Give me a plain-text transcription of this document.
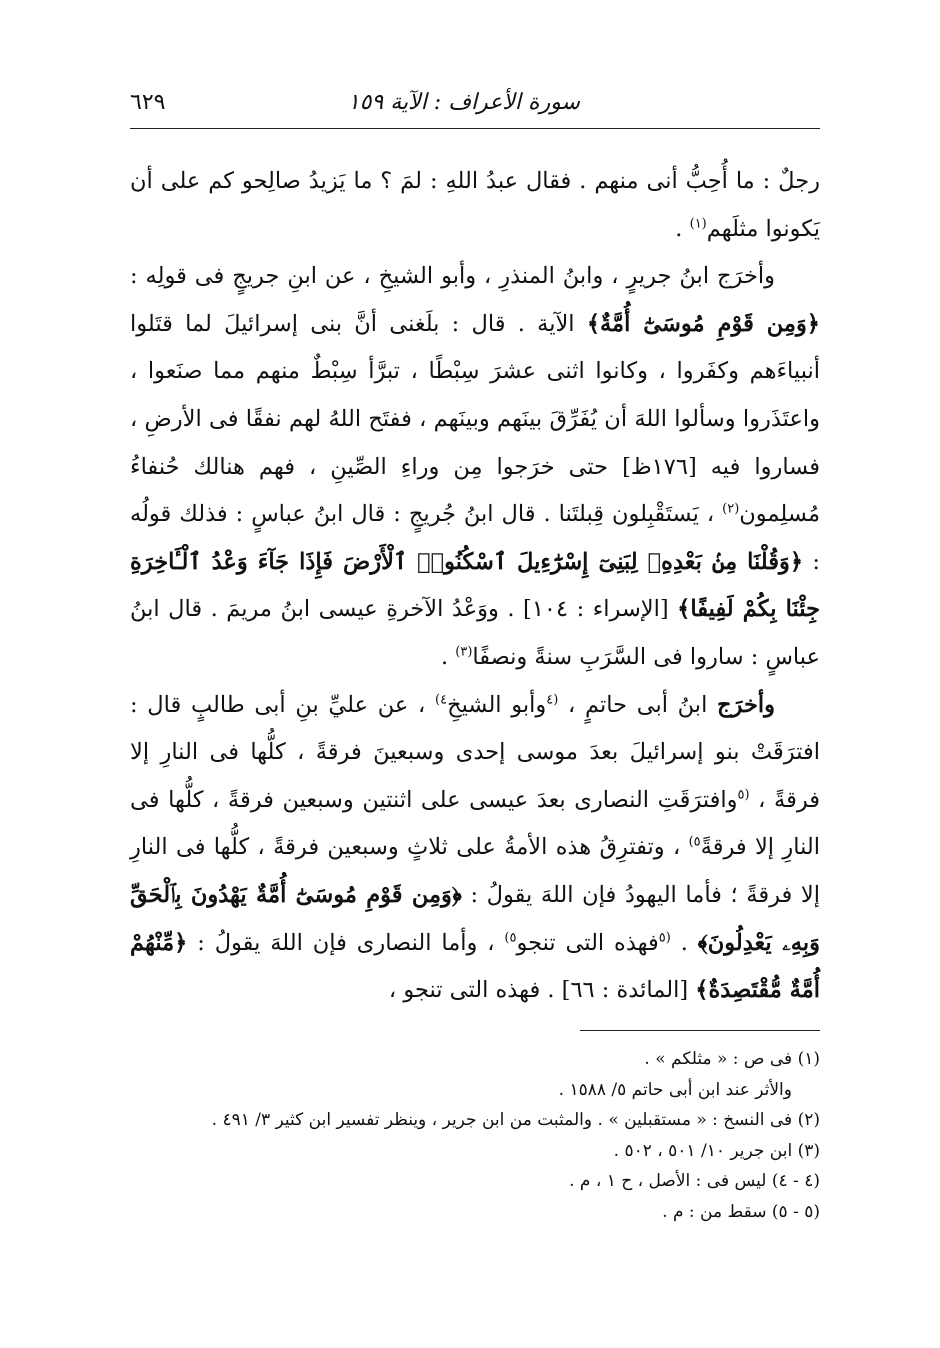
سورة الأعراف : الآية ١٥٩
٦٢٩

رجلٌ : ما أُحِبُّ أنى منهم . فقال عبدُ اللهِ : لمَ ؟ ما يَزيدُ صالِحو كم على أن يَكونوا مثلَهم$^{(١)}$ .

وأخرَج ابنُ جريرٍ ، وابنُ المنذرِ ، وأبو الشيخِ ، عن ابنِ جريجٍ فى قولِه : ﴿وَمِن قَوْمِ مُوسَىٰٓ أُمَّةٌ﴾ الآية . قال : بلَغنى أنَّ بنى إسرائيلَ لما قتَلوا أنبياءَهم وكفَروا ، وكانوا اثنى عشرَ سِبْطًا ، تبرَّأ سِبْطٌ منهم مما صنَعوا ، واعتَذَروا وسألوا اللهَ أن يُفَرِّقَ بينَهم وبينَهم ، ففتَح اللهُ لهم نفقًا فى الأرضِ ، فساروا فيه [١٧٦ظ] حتى خرَجوا مِن وراءِ الصِّينِ ، فهم هنالك حُنفاءُ مُسلِمون$^{(٢)}$ ، يَستَقْبِلون قِبلتَنا . قال ابنُ جُريجٍ : قال ابنُ عباسٍ : فذلك قولُه : ﴿وَقُلْنَا مِنۢ بَعْدِهِۦ لِبَنِىٓ إِسْرَٰٓءِيلَ ٱسْكُنُوا۟ ٱلْأَرْضَ فَإِذَا جَآءَ وَعْدُ ٱلْـَٔاخِرَةِ جِئْنَا بِكُمْ لَفِيفًا﴾ [الإسراء : ١٠٤] . ووَعْدُ الآخرةِ عيسى ابنُ مريمَ . قال ابنُ عباسٍ : ساروا فى السَّرَبِ سنةً ونصفًا$^{(٣)}$ .

وأخرَج ابنُ أبى حاتمٍ ، $^{(٤}$وأبو الشيخِ$^{٤)}$ ، عن عليِّ بنِ أبى طالبٍ قال : افترَقَتْ بنو إسرائيلَ بعدَ موسى إحدى وسبعينَ فرقةً ، كلُّها فى النارِ إلا فرقةً ، $^{(٥}$وافترَقَتِ النصارى بعدَ عيسى على اثنتين وسبعين فرقةً ، كلُّها فى النارِ إلا فرقةً$^{٥)}$ ، وتفترِقُ هذه الأمةُ على ثلاثٍ وسبعين فرقةً ، كلُّها فى النارِ إلا فرقةً ؛ فأما اليهودُ فإن اللهَ يقولُ : ﴿وَمِن قَوْمِ مُوسَىٰٓ أُمَّةٌ يَهْدُونَ بِٱلْحَقِّ وَبِهِۦ يَعْدِلُونَ﴾ . $^{(٥}$فهذه التى تنجو$^{٥)}$ ، وأما النصارى فإن اللهَ يقولُ : ﴿مِّنْهُمْ أُمَّةٌ مُّقْتَصِدَةٌ﴾ [المائدة : ٦٦] . فهذه التى تنجو ،

(١) فى ص : « مثلكم » .
والأثر عند ابن أبى حاتم ٥/ ١٥٨٨ .
(٢) فى النسخ : « مستقبلين » . والمثبت من ابن جرير ، وينظر تفسير ابن كثير ٣/ ٤٩١ .
(٣) ابن جرير ١٠/ ٥٠١ ، ٥٠٢ .
(٤ - ٤) ليس فى : الأصل ، ح ١ ، م .
(٥ - ٥) سقط من : م .
